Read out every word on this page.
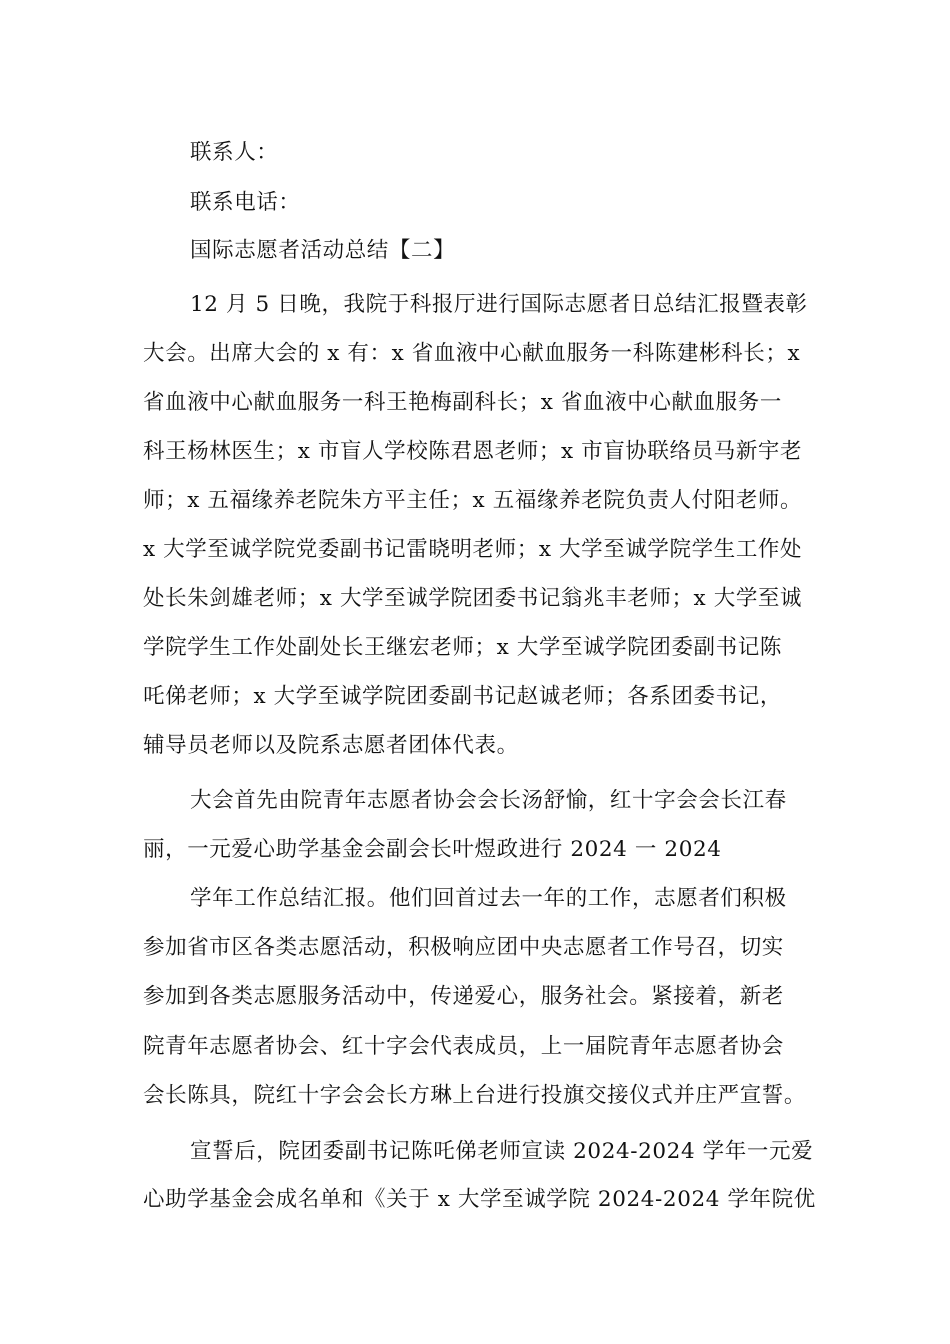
联系人：
联系电话：
国际志愿者活动总结【二】
12 月 5 日晚，我院于科报厅进行国际志愿者日总结汇报暨表彰
大会。出席大会的 x 有：x 省血液中心献血服务一科陈建彬科长；x
省血液中心献血服务一科王艳梅副科长；x 省血液中心献血服务一
科王杨林医生；x 市盲人学校陈君恩老师；x 市盲协联络员马新宇老
师；x 五福缘养老院朱方平主任；x 五福缘养老院负责人付阳老师。
x 大学至诚学院党委副书记雷晓明老师；x 大学至诚学院学生工作处
处长朱剑雄老师；x 大学至诚学院团委书记翁兆丰老师；x 大学至诚
学院学生工作处副处长王继宏老师；x 大学至诚学院团委副书记陈
吒俤老师；x 大学至诚学院团委副书记赵诚老师；各系团委书记，
辅导员老师以及院系志愿者团体代表。
大会首先由院青年志愿者协会会长汤舒愉，红十字会会长江春
丽，一元爱心助学基金会副会长叶煜政进行 2024 一 2024
学年工作总结汇报。他们回首过去一年的工作，志愿者们积极
参加省市区各类志愿活动，积极响应团中央志愿者工作号召，切实
参加到各类志愿服务活动中，传递爱心，服务社会。紧接着，新老
院青年志愿者协会、红十字会代表成员，上一届院青年志愿者协会
会长陈具，院红十字会会长方琳上台进行投旗交接仪式并庄严宣誓。
宣誓后，院团委副书记陈吒俤老师宣读 2024-2024 学年一元爱
心助学基金会成名单和《关于 x 大学至诚学院 2024-2024 学年院优
